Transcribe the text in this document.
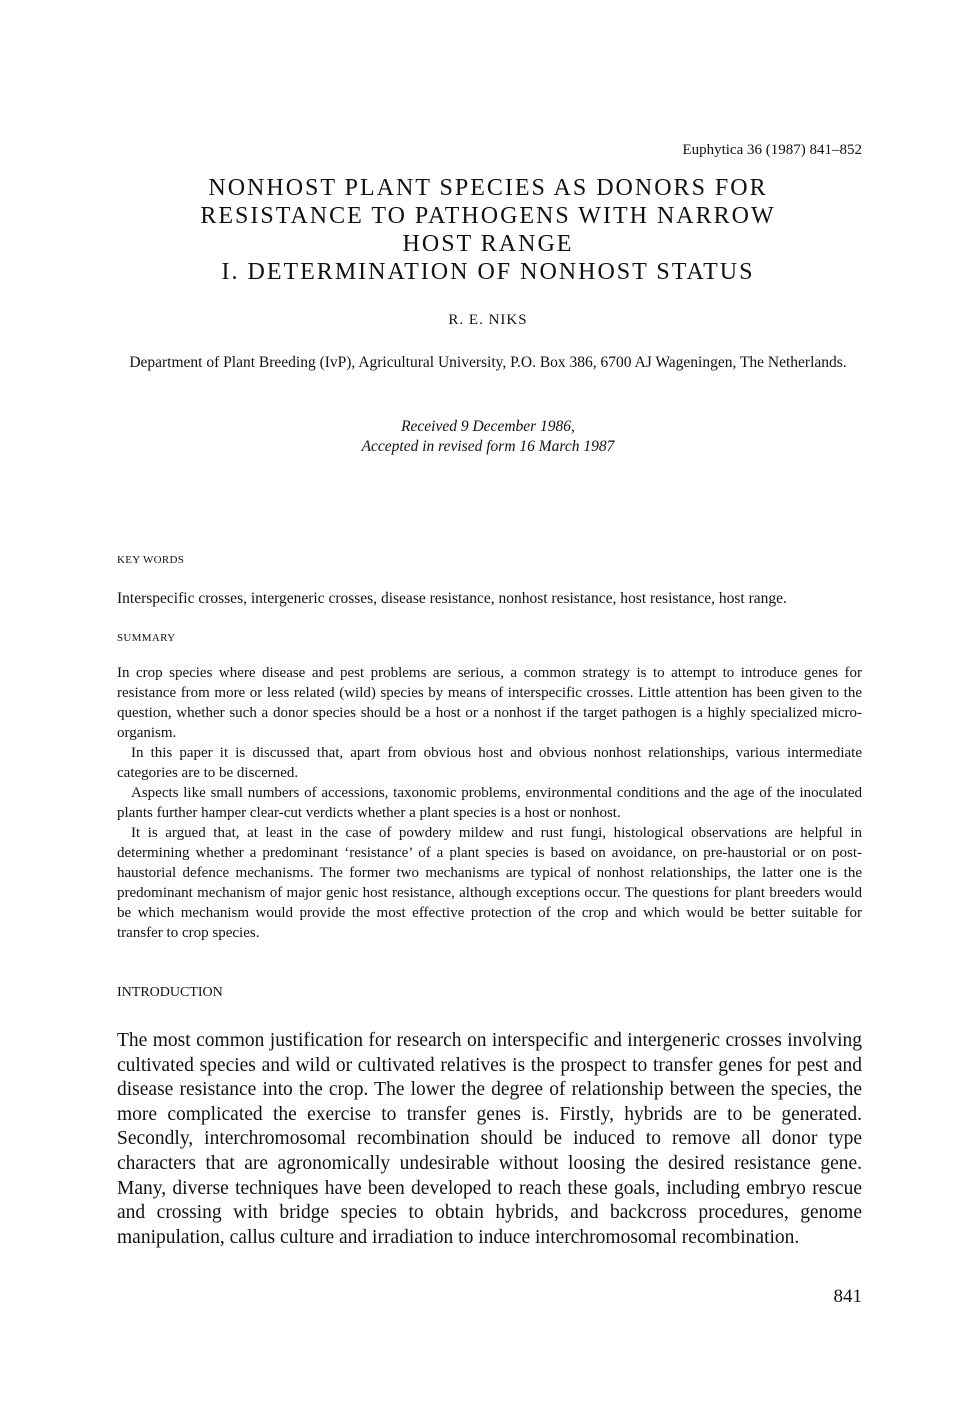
Euphytica 36 (1987) 841–852
NONHOST PLANT SPECIES AS DONORS FOR
RESISTANCE TO PATHOGENS WITH NARROW
HOST RANGE
I. DETERMINATION OF NONHOST STATUS
R. E. NIKS
Department of Plant Breeding (IvP), Agricultural University, P.O. Box 386, 6700 AJ Wageningen, The Netherlands.
Received 9 December 1986,
Accepted in revised form 16 March 1987
KEY WORDS
Interspecific crosses, intergeneric crosses, disease resistance, nonhost resistance, host resistance, host range.
SUMMARY

In crop species where disease and pest problems are serious, a common strategy is to attempt to introduce genes for resistance from more or less related (wild) species by means of interspecific crosses. Little attention has been given to the question, whether such a donor species should be a host or a nonhost if the target pathogen is a highly specialized micro-organism.

In this paper it is discussed that, apart from obvious host and obvious nonhost relationships, various intermediate categories are to be discerned.

Aspects like small numbers of accessions, taxonomic problems, environmental conditions and the age of the inoculated plants further hamper clear-cut verdicts whether a plant species is a host or nonhost.

It is argued that, at least in the case of powdery mildew and rust fungi, histological observations are helpful in determining whether a predominant ‘resistance’ of a plant species is based on avoidance, on pre-haustorial or on post-haustorial defence mechanisms. The former two mechanisms are typical of nonhost relationships, the latter one is the predominant mechanism of major genic host resistance, although exceptions occur. The questions for plant breeders would be which mechanism would provide the most effective protection of the crop and which would be better suitable for transfer to crop species.

INTRODUCTION
The most common justification for research on interspecific and intergeneric crosses involving cultivated species and wild or cultivated relatives is the prospect to transfer genes for pest and disease resistance into the crop. The lower the degree of relationship between the species, the more complicated the exercise to transfer genes is. Firstly, hybrids are to be generated. Secondly, interchromosomal recombination should be induced to remove all donor type characters that are agronomically undesirable without loosing the desired resistance gene. Many, diverse techniques have been developed to reach these goals, including embryo rescue and crossing with bridge species to obtain hybrids, and backcross procedures, genome manipulation, callus culture and irradiation to induce interchromosomal recombination.
841
